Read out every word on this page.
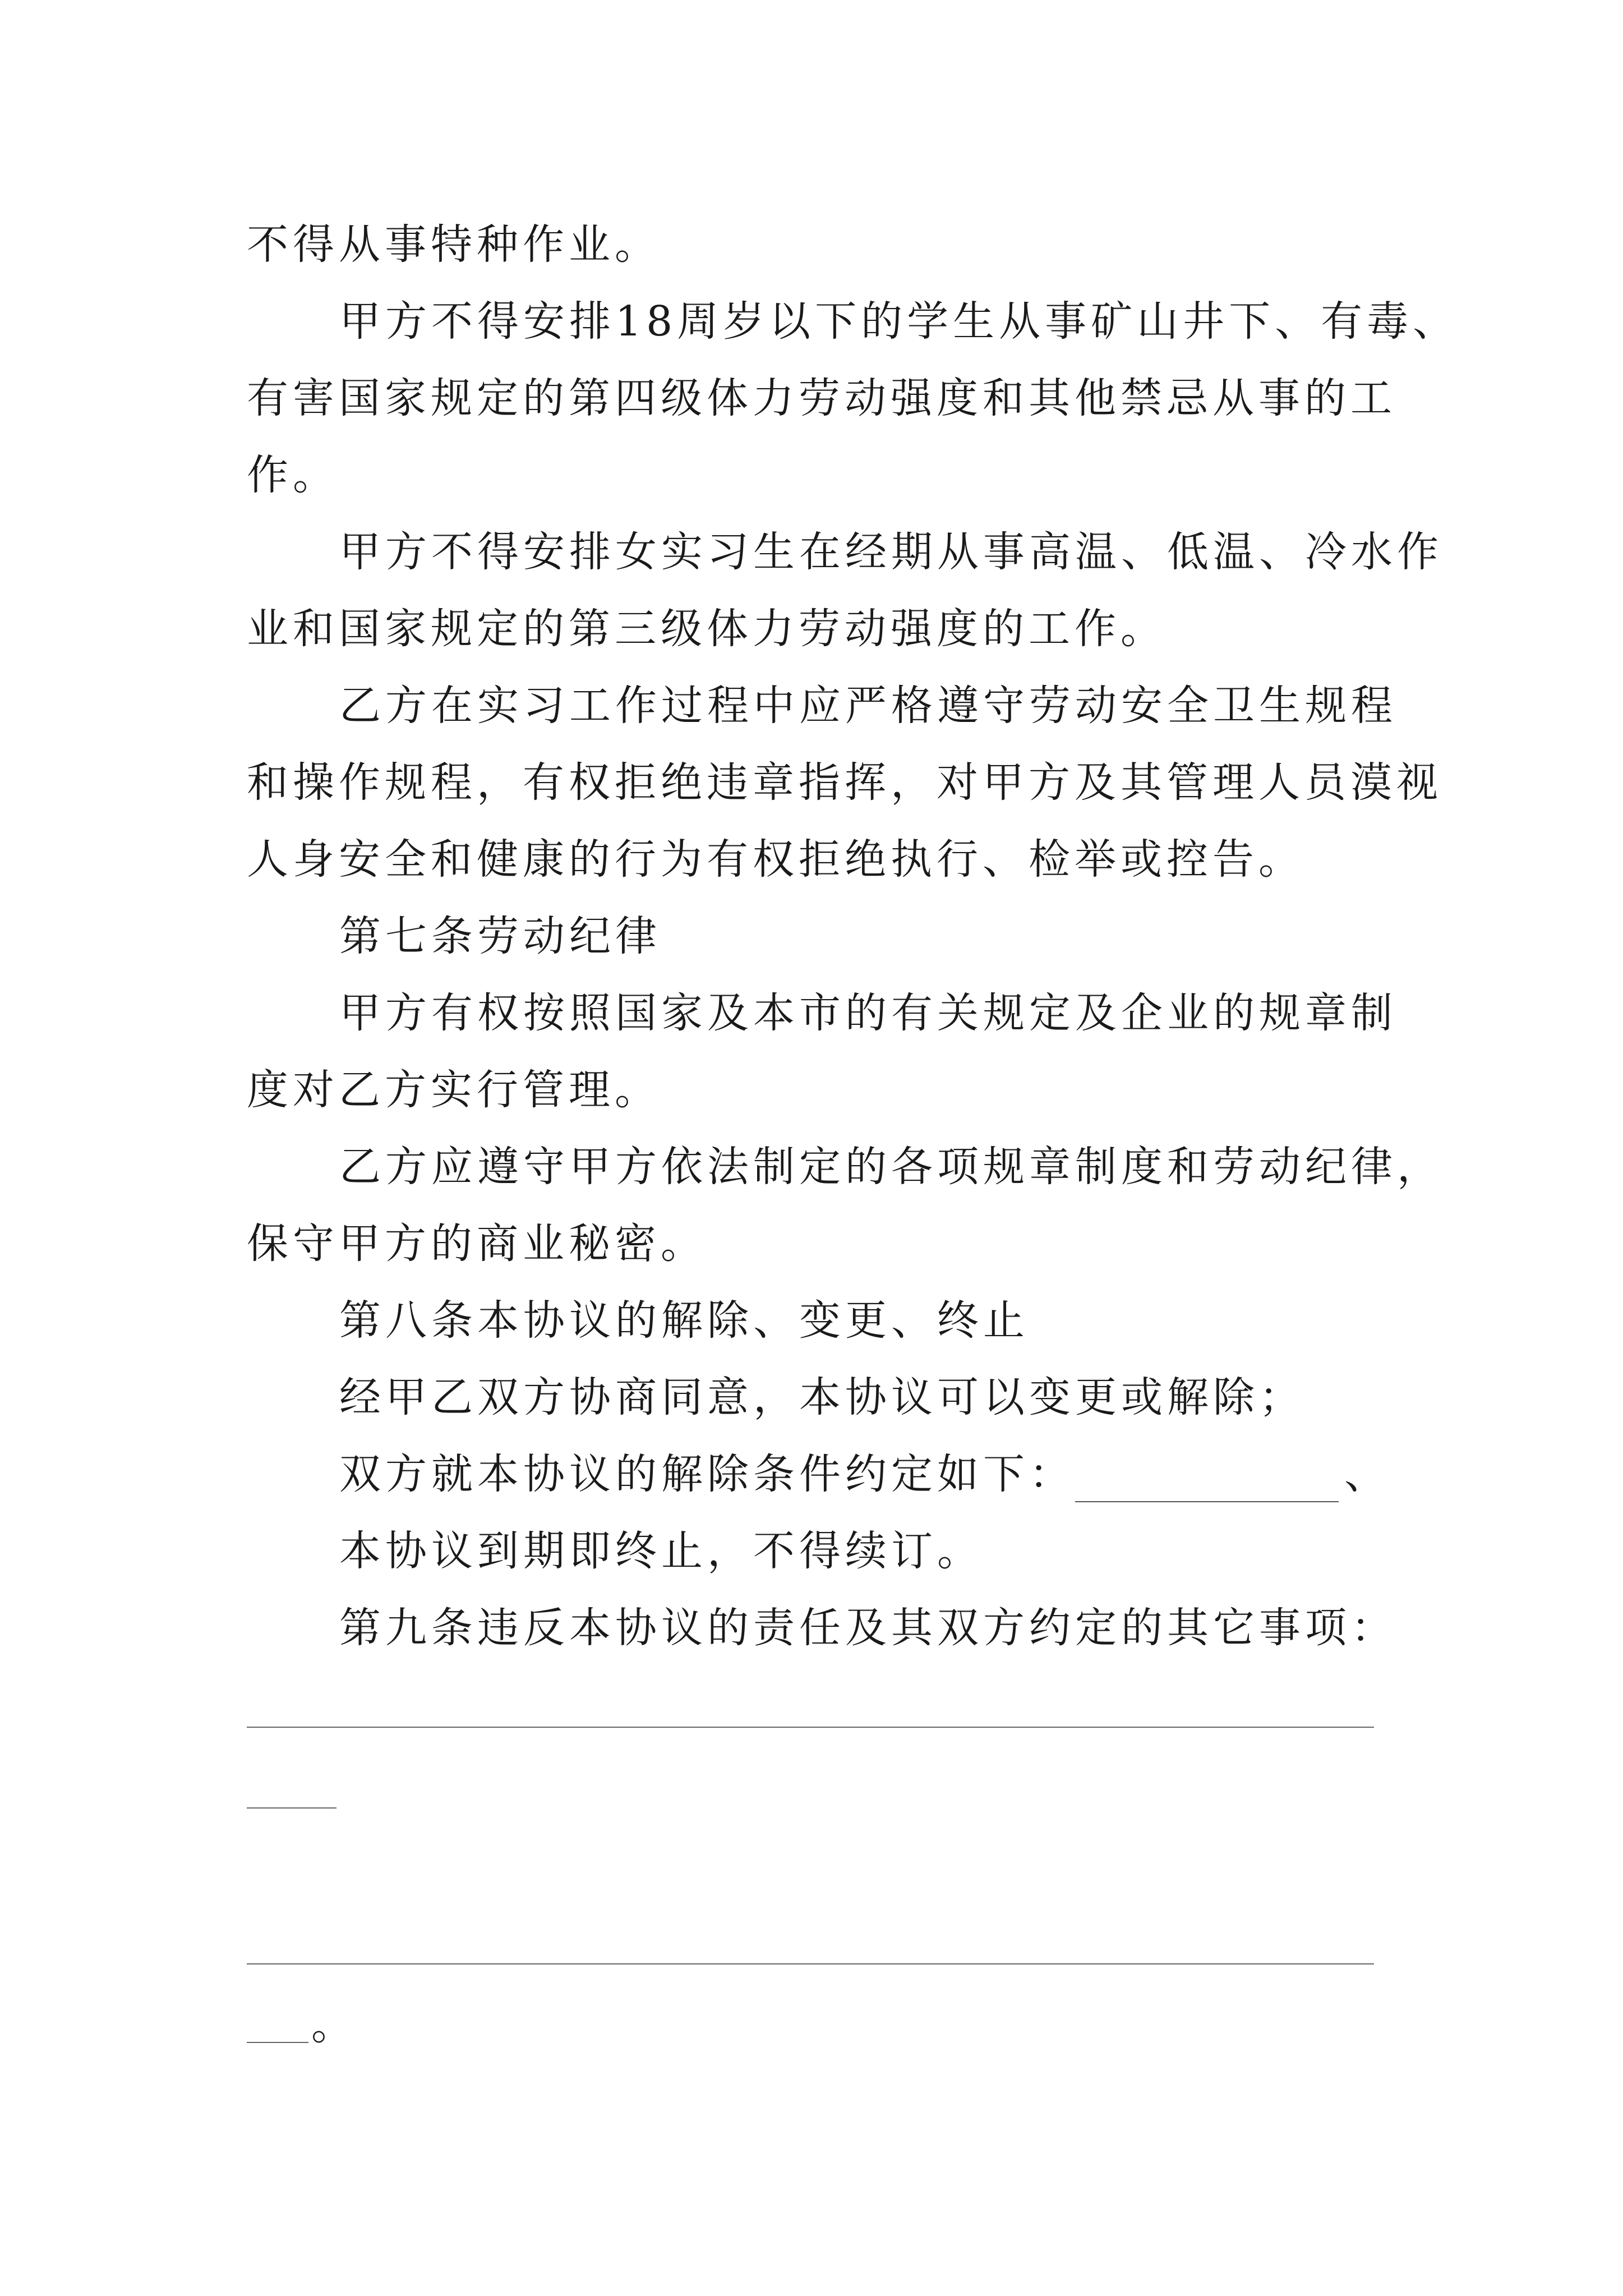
不得从事特种作业。

甲方不得安排18周岁以下的学生从事矿山井下、有毒、

有害国家规定的第四级体力劳动强度和其他禁忌从事的工

作。

甲方不得安排女实习生在经期从事高温、低温、冷水作

业和国家规定的第三级体力劳动强度的工作。

乙方在实习工作过程中应严格遵守劳动安全卫生规程

和操作规程，有权拒绝违章指挥，对甲方及其管理人员漠视

人身安全和健康的行为有权拒绝执行、检举或控告。

第七条劳动纪律

甲方有权按照国家及本市的有关规定及企业的规章制

度对乙方实行管理。

乙方应遵守甲方依法制定的各项规章制度和劳动纪律，

保守甲方的商业秘密。

第八条本协议的解除、变更、终止

经甲乙双方协商同意，本协议可以变更或解除；

双方就本协议的解除条件约定如下：	、

本协议到期即终止，不得续订。

第九条违反本协议的责任及其双方约定的其它事项：

。
